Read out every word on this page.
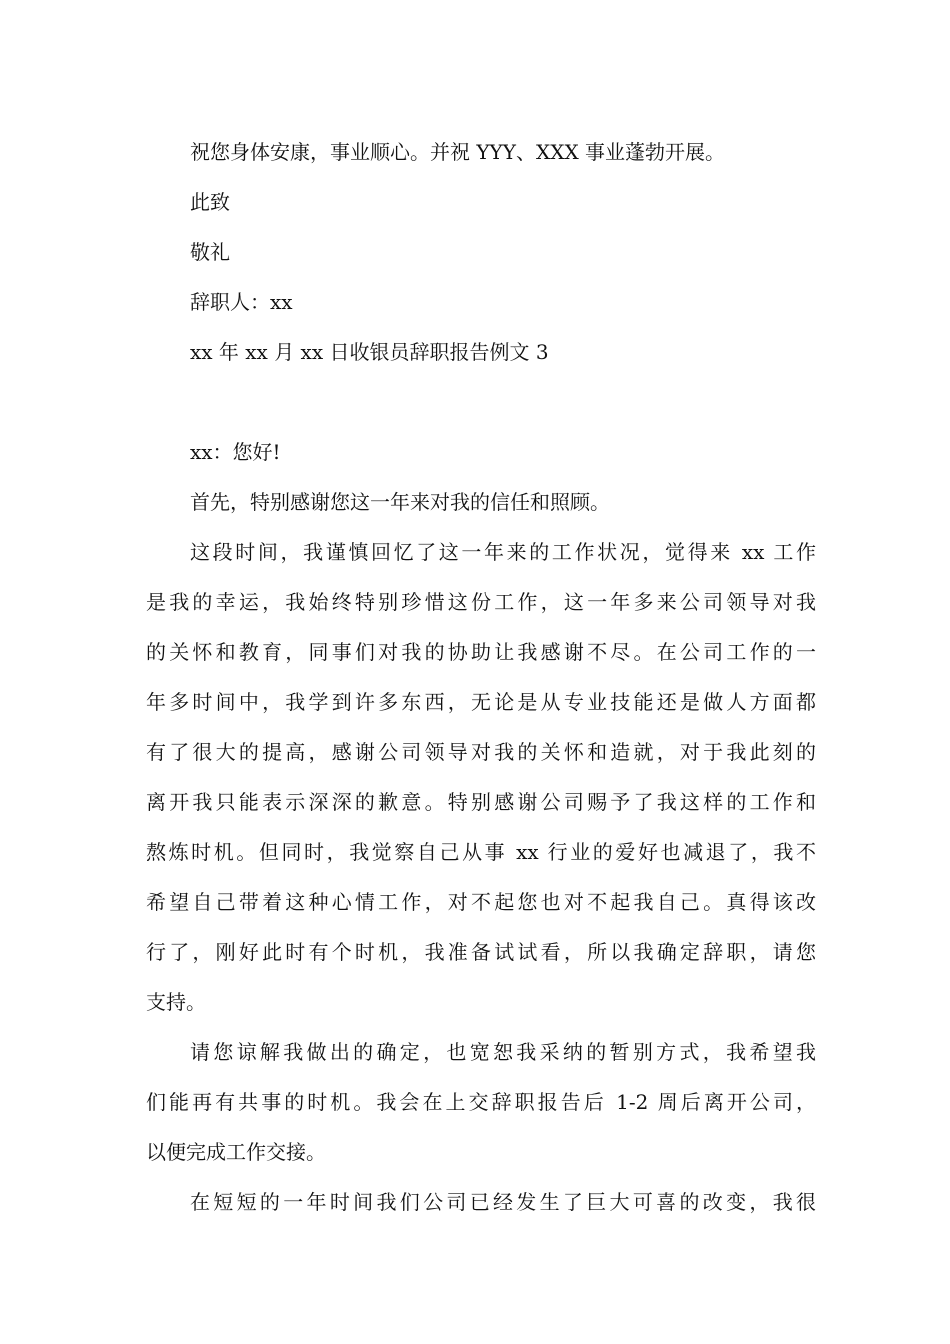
祝您身体安康，事业顺心。并祝 YYY、XXX 事业蓬勃开展。
此致
敬礼
辞职人：xx
xx 年 xx 月 xx 日收银员辞职报告例文 3
xx：您好!
首先，特别感谢您这一年来对我的信任和照顾。
这段时间，我谨慎回忆了这一年来的工作状况，觉得来 xx 工作
是我的幸运，我始终特别珍惜这份工作，这一年多来公司领导对我
的关怀和教育，同事们对我的协助让我感谢不尽。在公司工作的一
年多时间中，我学到许多东西，无论是从专业技能还是做人方面都
有了很大的提高，感谢公司领导对我的关怀和造就，对于我此刻的
离开我只能表示深深的歉意。特别感谢公司赐予了我这样的工作和
熬炼时机。但同时，我觉察自己从事 xx 行业的爱好也减退了，我不
希望自己带着这种心情工作，对不起您也对不起我自己。真得该改
行了，刚好此时有个时机，我准备试试看，所以我确定辞职，请您
支持。
请您谅解我做出的确定，也宽恕我采纳的暂别方式，我希望我
们能再有共事的时机。我会在上交辞职报告后 1-2 周后离开公司，
以便完成工作交接。
在短短的一年时间我们公司已经发生了巨大可喜的改变，我很
